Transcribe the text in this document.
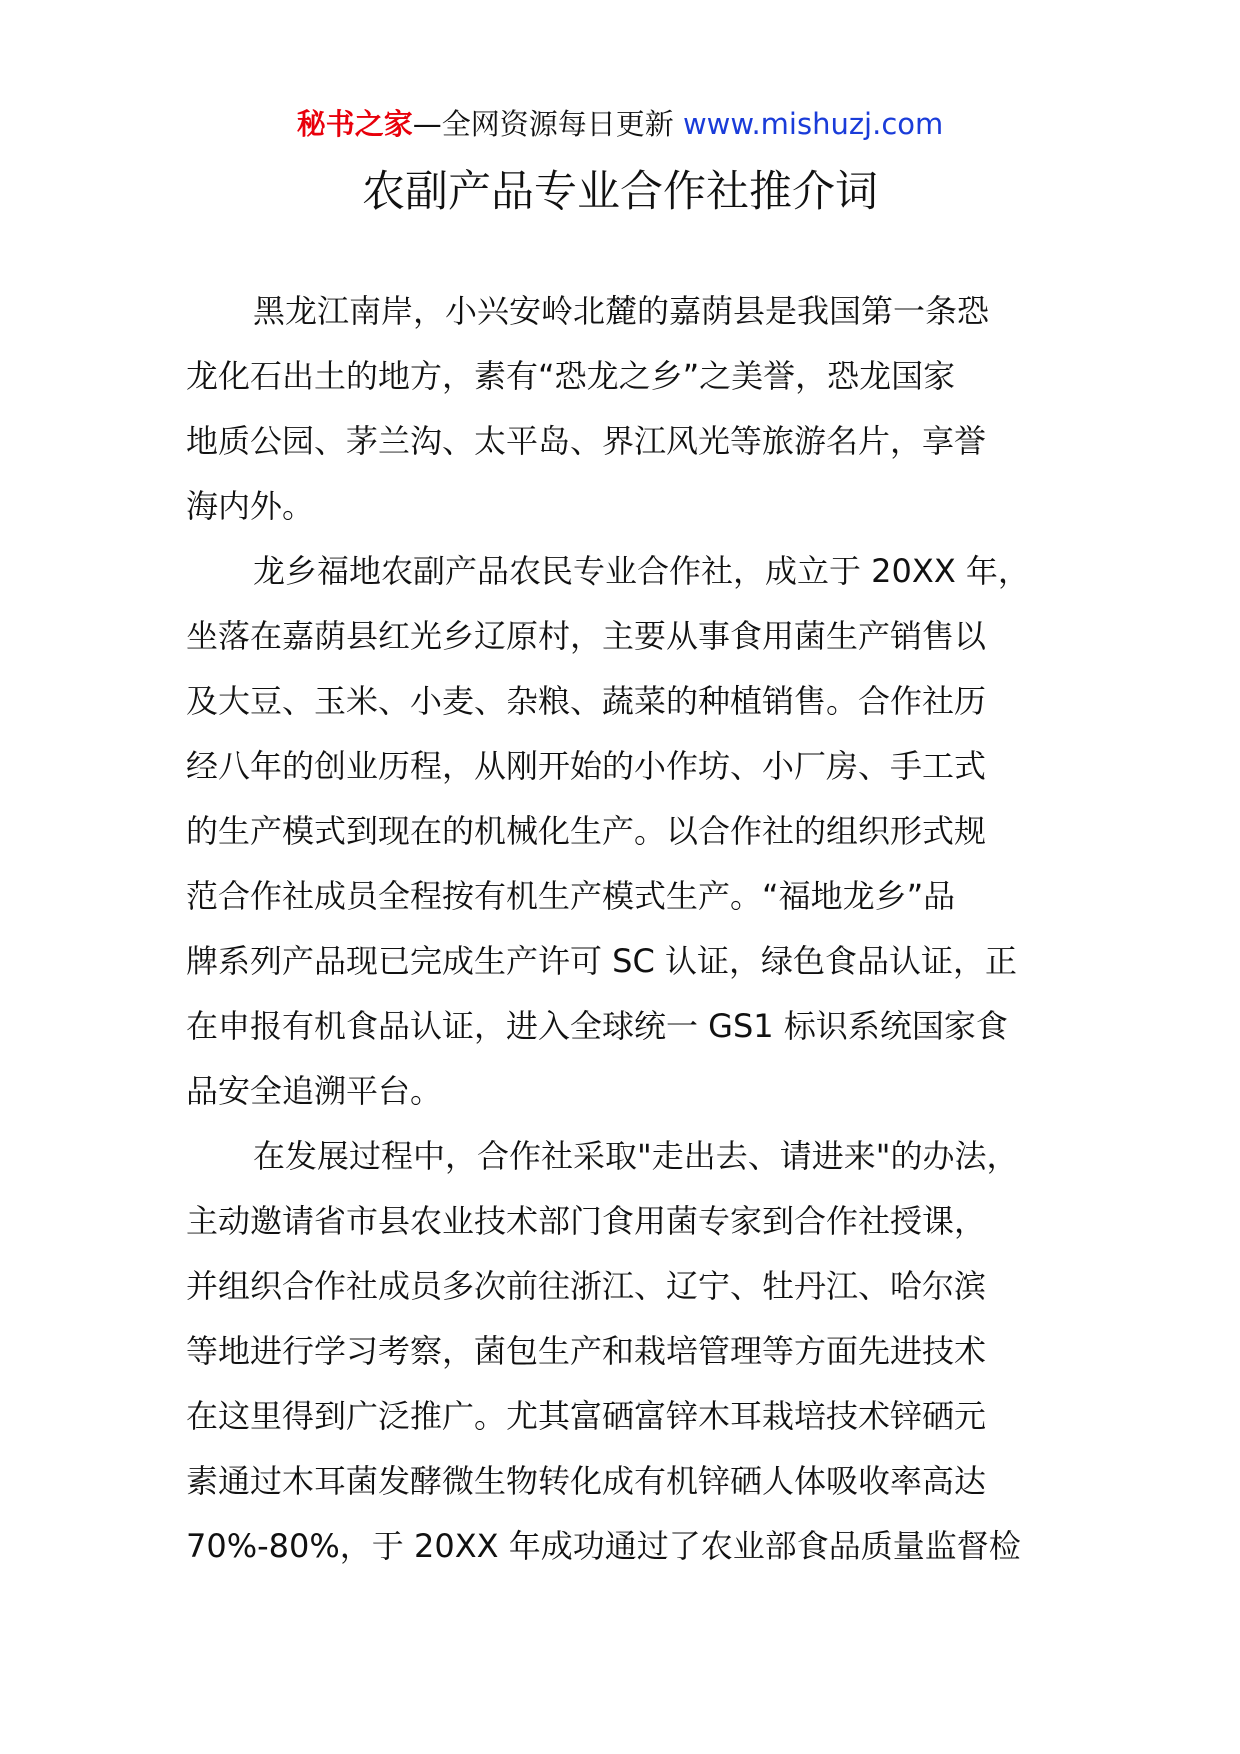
秘书之家—全网资源每日更新 www.mishuzj.com
农副产品专业合作社推介词
黑龙江南岸，小兴安岭北麓的嘉荫县是我国第一条恐
龙化石出土的地方，素有“恐龙之乡”之美誉，恐龙国家
地质公园、茅兰沟、太平岛、界江风光等旅游名片，享誉
海内外。
龙乡福地农副产品农民专业合作社，成立于 20XX 年，
坐落在嘉荫县红光乡辽原村，主要从事食用菌生产销售以
及大豆、玉米、小麦、杂粮、蔬菜的种植销售。合作社历
经八年的创业历程，从刚开始的小作坊、小厂房、手工式
的生产模式到现在的机械化生产。以合作社的组织形式规
范合作社成员全程按有机生产模式生产。“福地龙乡”品
牌系列产品现已完成生产许可 SC 认证，绿色食品认证，正
在申报有机食品认证，进入全球统一 GS1 标识系统国家食
品安全追溯平台。
在发展过程中，合作社采取"走出去、请进来"的办法，
主动邀请省市县农业技术部门食用菌专家到合作社授课，
并组织合作社成员多次前往浙江、辽宁、牡丹江、哈尔滨
等地进行学习考察，菌包生产和栽培管理等方面先进技术
在这里得到广泛推广。尤其富硒富锌木耳栽培技术锌硒元
素通过木耳菌发酵微生物转化成有机锌硒人体吸收率高达
70%-80%，于 20XX 年成功通过了农业部食品质量监督检
